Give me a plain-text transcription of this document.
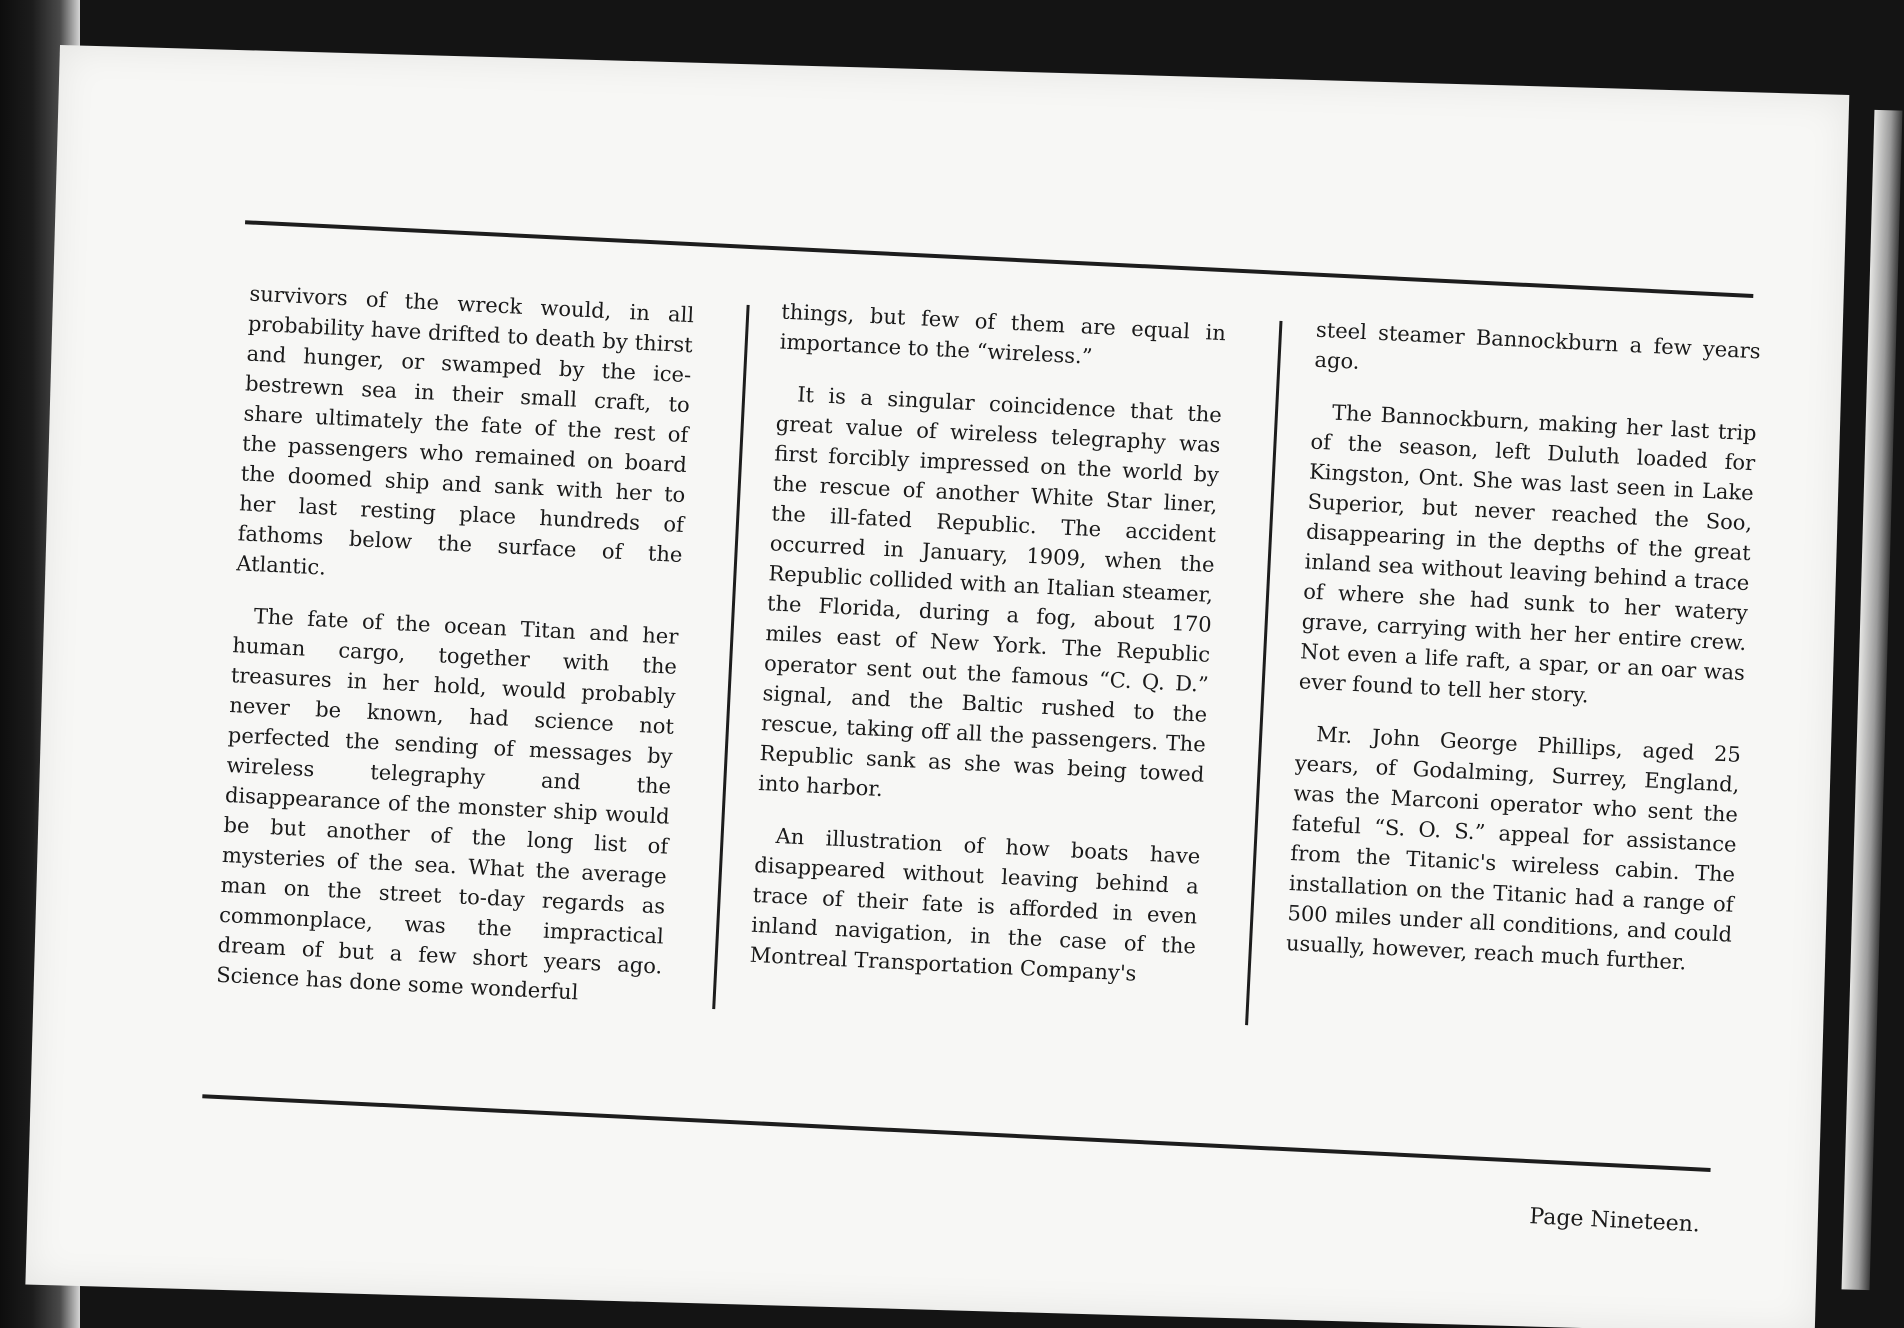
survivors of the wreck would, in all probability have drifted to death by thirst and hunger, or swamped by the ice-bestrewn sea in their small craft, to share ultimately the fate of the rest of the passengers who remained on board the doomed ship and sank with her to her last resting place hundreds of fathoms below the surface of the Atlantic.

The fate of the ocean Titan and her human cargo, together with the treasures in her hold, would probably never be known, had science not perfected the sending of messages by wireless telegraphy and the disappearance of the monster ship would be but another of the long list of mysteries of the sea. What the average man on the street to-day regards as commonplace, was the impractical dream of but a few short years ago. Science has done some wonderful

things, but few of them are equal in importance to the “wireless.”

It is a singular coincidence that the great value of wireless telegraphy was first forcibly impressed on the world by the rescue of another White Star liner, the ill-fated Republic. The accident occurred in January, 1909, when the Republic collided with an Italian steamer, the Florida, during a fog, about 170 miles east of New York. The Republic operator sent out the famous “C. Q. D.” signal, and the Baltic rushed to the rescue, taking off all the passengers. The Republic sank as she was being towed into harbor.

An illustration of how boats have disappeared without leaving behind a trace of their fate is afforded in even inland navigation, in the case of the Montreal Transportation Company's

steel steamer Bannockburn a few years ago.

The Bannockburn, making her last trip of the season, left Duluth loaded for Kingston, Ont. She was last seen in Lake Superior, but never reached the Soo, disappearing in the depths of the great inland sea without leaving behind a trace of where she had sunk to her watery grave, carrying with her her entire crew. Not even a life raft, a spar, or an oar was ever found to tell her story.

Mr. John George Phillips, aged 25 years, of Godalming, Surrey, England, was the Marconi operator who sent the fateful “S. O. S.” appeal for assistance from the Titanic's wireless cabin. The installation on the Titanic had a range of 500 miles under all conditions, and could usually, however, reach much further.

Page Nineteen.
